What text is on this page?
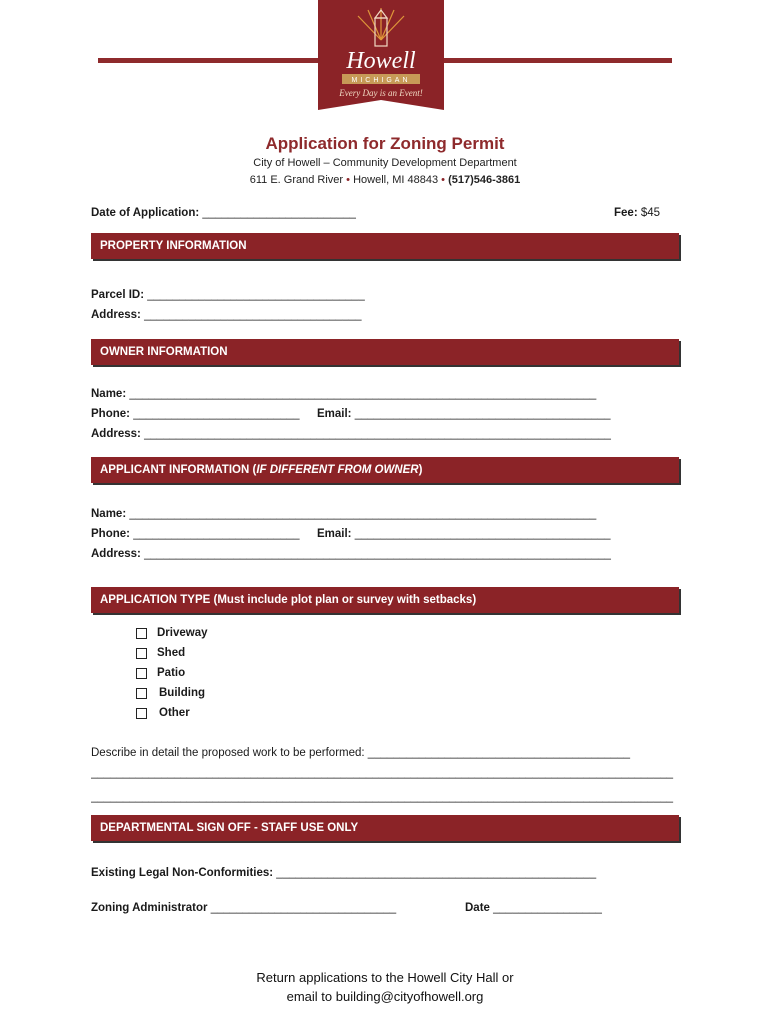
Howell
MICHIGAN
Every Day is an Event!
Application for Zoning Permit
City of Howell – Community Development Department
611 E. Grand River • Howell, MI 48843 • (517)546-3861
Date of Application: ________________________	Fee: $45
PROPERTY INFORMATION
Parcel ID: __________________________________
Address: __________________________________
OWNER INFORMATION
Name: _________________________________________________________________________
Phone: __________________________ Email: ________________________________________
Address: _________________________________________________________________________
APPLICANT INFORMATION (IF DIFFERENT FROM OWNER)
Name: _________________________________________________________________________
Phone: __________________________ Email: ________________________________________
Address: _________________________________________________________________________
APPLICATION TYPE (Must include plot plan or survey with setbacks)
Driveway
Shed
Patio
Building
Other
Describe in detail the proposed work to be performed: _________________________________________
___________________________________________________________________________________________
___________________________________________________________________________________________
DEPARTMENTAL SIGN OFF - STAFF USE ONLY
Existing Legal Non-Conformities: __________________________________________________
Zoning Administrator _____________________________	Date _________________
Return applications to the Howell City Hall or
email to building@cityofhowell.org
